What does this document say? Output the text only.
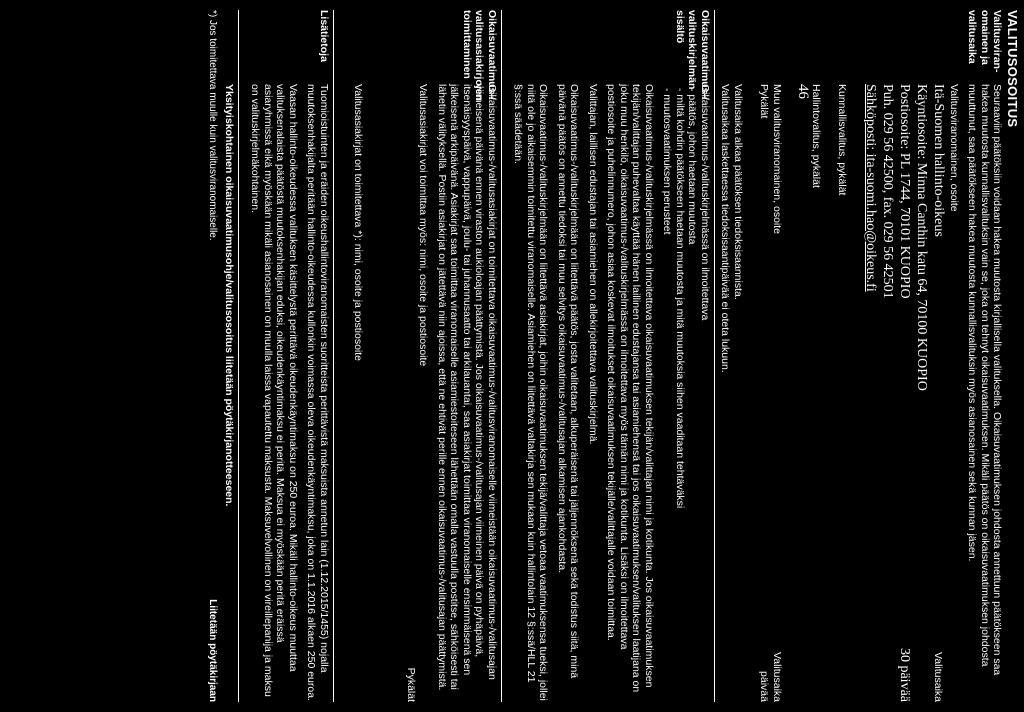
VALITUSOSOITUS
Valitusviran-omainen ja valitusaika

Seuraaviin päätöksiin voidaan hakea muutosta kirjallisella valituksella. Oikaisuvaatimuksen johdosta annettuun päätökseen saa hakea muutosta kunnallisvalituksin vain se, joka on tehnyt oikaisuvaatimuksen. Mikäli päätös on oikaisuvaatimuksen johdosta muuttunut, saa päätökseen hakea muutosta kunnallisvalituksin myös asianosainen sekä kunnan jäsen.

Valitusviranomainen, osoite
Itä-Suomen hallinto-oikeus
Valitusaika
Käyntiosoite: Minna Canthin katu 64, 70100 KUOPIO
Postiosoite: PL 1744, 70101 KUOPIO
30 päivää
Puh. 029 56 42500, fax. 029 56 42501
Sähköposti: ita-suomi.hao@oikeus.fi
Kunnallisvalitus, pykälät
Hallintovalitus, pykälät
46
Muu valitusviranomainen, osoite
Valitusaika
Pykälät
päivää
Valitusaika alkaa päätöksen tiedoksisaannista.
Valitusaikaa laskettaessa tiedoksisaantipäivää ei oteta lukuun.
Oikaisuvaatimus-/ valituskirjelmän sisältö
Oikaisuvaatimus-/valituskirjelmässä on ilmoitettava
- päätös, johon haetaan muutosta
- miltä kohdin päätökseen haetaan muutosta ja mitä muutoksia siihen vaaditaan tehtäväksi
- muutosvaatimuksen perusteet

Oikaisuvaatimus-/valituskirjelmässä on ilmoitettava oikaisuvaatimuksen tekijän/valittajan nimi ja kotikunta. Jos oikaisuvaatimuksen tekijän/valittajan puhevaltaa käyttää hänen laillinen edustajansa tai asiamiehensä tai jos oikaisuvaatimuksen/valituksen laatijana on joku muu henkilö, oikaisuvaatimus-/valituskirjelmässä on ilmoitettava myös tämän nimi ja kotikunta. Lisäksi on ilmoitettava postiosoite ja puhelinnumero, johon asiaa koskevat ilmoitukset oikaisuvaatimuksen tekijälle/valittajalle voidaan toimittaa.

Valittajan, laillisen edustajan tai asiamiehen on allekirjoitettava valituskirjelmä.

Oikaisuvaatimus-/valituskirjelmään on liitettävä päätös, josta valitetaan, alkuperäisenä tai jäljennöksenä sekä todistus siitä, minä päivänä päätös on annettu tiedoksi tai muu selvitys oikaisuvaatimus-/valitusajan alkamisen ajankohdasta.

Oikaisuvaatimus-/valituskirjelmään on liitettävä asiakirjat, joihin oikaisuvaatimuksen tekijä/valittaja vetoaa vaatimuksensa tueksi, jollei niitä ole jo aikaisemmin toimitettu viranomaiselle. Asiamiehen on liitettävä valtakirja sen mukaan kuin hallintolain 12 §:ssä/HLL 21 §:ssä säädetään.

Oikaisuvaatimus-/ valitusasiakirjojen toimittaminen

Oikaisuvaatimus-/valitusasiakirjat on toimitettava oikaisuvaatimus-/valitusviranomaiselle viimeistään oikaisuvaatimus-/valitusajan viimeisenä päivänä ennen viraston aukioloajan päättymistä. Jos oikaisuvaatimus-/valitusajan viimeinen päivä on pyhäpäivä, itsenäisyyspäivä, vappupäivä, joulu- tai juhannusaatto tai arkilauantai, saa asiakirjat toimittaa viranomaiselle ensimmäisenä sen jälkeisenä arkipäivänä. Asiakirjat saa toimittaa viranomaiselle asiamiestoiteseen lähettään omalla vastuulla postitse, sähköisesti tai lähetin välityksellä. Postiin asiakirjat on jätettävä niin ajoissa, että ne ehtivät perille ennen oikaisuvaatimus-/valitusajan päättymistä.

Valitusasiakirjat voi toimittaa myös: nimi, osoite ja postiosoite
Pykälät
Valitusasiakirjat on toimitettava *): nimi, osoite ja postiosoite
Lisätietoja

Tuomioistuinten ja eräiden oikeushallintoviranomaisten suoritteista perittävistä maksuista annetun lain (1.12.2015/1455) nojalla muutoksenhakijalta peritään hallinto-oikeudessa kullonkin voimassa oleva oikeudenkäyntimaksu, joka on 1.1.2016 alkaen 250 euroa.

Vaasan hallinto-oikeudessa valituksen käsittelystä perittävä oikeudenkäyntimaksu on 250 euroa. Mikäli hallinto-oikeus muuttaa valituksenalaista päätöstä muutoksenhakijan eduksi, oikeudenkäyntimaksu ei peritä. Maksua ei myöskään peritä eräissä asiaryhmissä eikä myöskään mikäli asianosainen on muulla laissa vapautettu maksusta. Maksuvelvollinen on vireillepanija ja maksu on valituskirjelmäkohtainen.

Yksityiskohtainen oikaisuvaatimusohje/valitusosoitus liitetään pöytäkirjanotteeseen.
*) Jos toimitettava muulle kuin valitusviranomaiselle.
Liitetään pöytäkirjaan
